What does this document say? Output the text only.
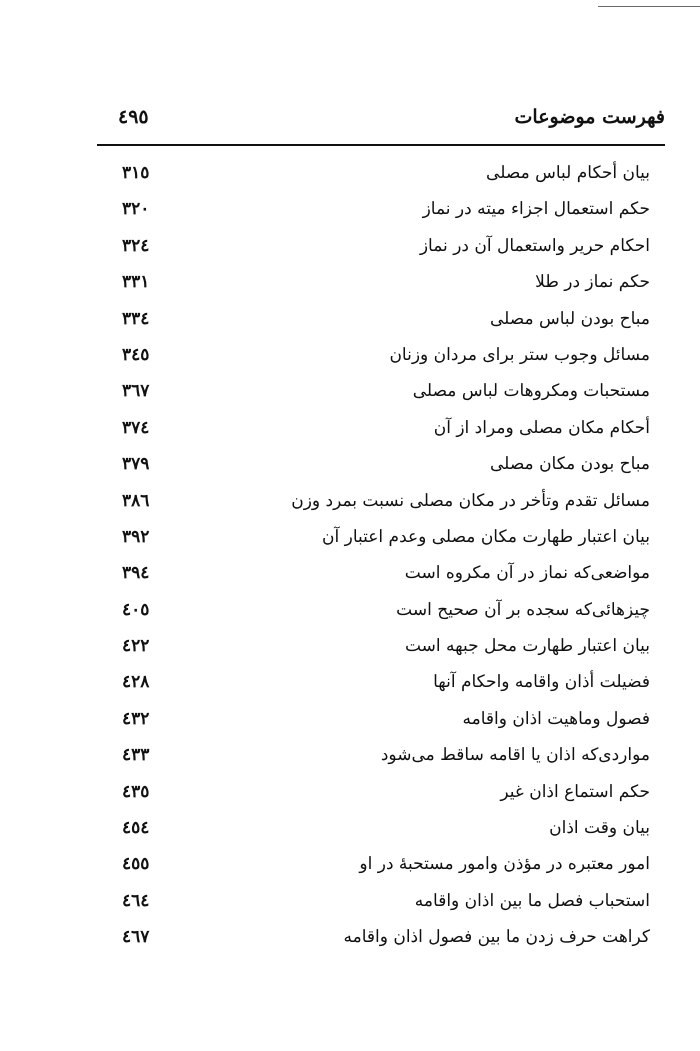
فهرست موضوعات
٤٩٥
بیان أحکام لباس مصلی
٣١٥
حکم استعمال اجزاء میته در نماز
٣٢٠
احکام حریر واستعمال آن در نماز
٣٢٤
حکم نماز در طلا
٣٣١
مباح بودن لباس مصلی
٣٣٤
مسائل وجوب ستر برای مردان وزنان
٣٤٥
مستحبات ومکروهات لباس مصلی
٣٦٧
أحکام مکان مصلی ومراد از آن
٣٧٤
مباح بودن مکان مصلی
٣٧٩
مسائل تقدم وتأخر در مکان مصلی نسبت بمرد وزن
٣٨٦
بیان اعتبار طهارت مکان مصلی وعدم اعتبار آن
٣٩٢
مواضعی‌که نماز در آن مکروه است
٣٩٤
چیزهائی‌که سجده بر آن صحیح است
٤٠٥
بیان اعتبار طهارت محل جبهه است
٤٢٢
فضیلت أذان واقامه واحکام آنها
٤٢٨
فصول وماهیت اذان واقامه
٤٣٢
مواردی‌که اذان یا اقامه ساقط می‌شود
٤٣٣
حکم استماع اذان غیر
٤٣٥
بیان وقت اذان
٤٥٤
امور معتبره در مؤذن وامور مستحبهٔ در او
٤٥٥
استحباب فصل ما بین اذان واقامه
٤٦٤
کراهت حرف زدن ما بین فصول اذان واقامه
٤٦٧
